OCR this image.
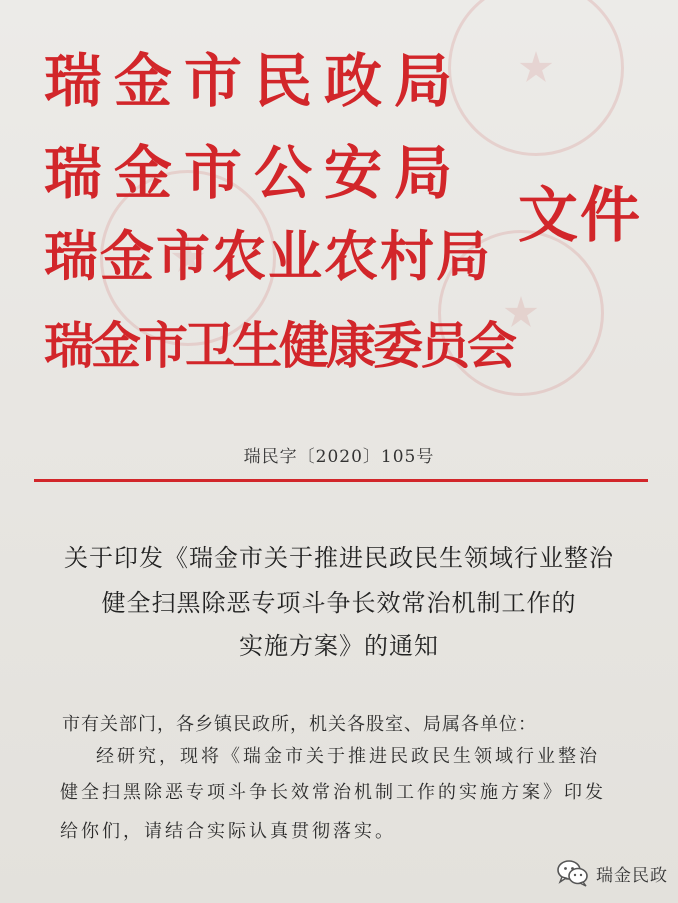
瑞金市民政局
瑞金市公安局
瑞金市农业农村局
瑞金市卫生健康委员会
文件
瑞民字〔2020〕105号
关于印发《瑞金市关于推进民政民生领域行业整治
健全扫黑除恶专项斗争长效常治机制工作的
实施方案》的通知
市有关部门，各乡镇民政所，机关各股室、局属各单位：
经研究，现将《瑞金市关于推进民政民生领域行业整治
健全扫黑除恶专项斗争长效常治机制工作的实施方案》印发
给你们，请结合实际认真贯彻落实。
瑞金民政
